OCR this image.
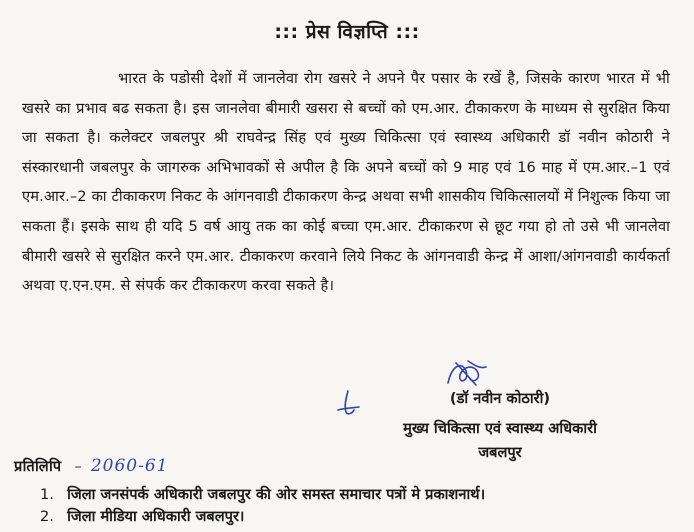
::: प्रेस विज्ञप्ति :::

भारत के पडोसी देशों में जानलेवा रोग खसरे ने अपने पैर पसार के रखें है, जिसके कारण भारत में भी खसरे का प्रभाव बढ सकता है। इस जानलेवा बीमारी खसरा से बच्चों को एम.आर. टीकाकरण के माध्यम से सुरक्षित किया जा सकता है। कलेक्टर जबलपुर श्री राघवेन्द्र सिंह एवं मुख्य चिकित्सा एवं स्वास्थ्य अधिकारी डॉ नवीन कोठारी ने संस्कारधानी जबलपुर के जागरुक अभिभावकों से अपील है कि अपने बच्चों को 9 माह एवं 16 माह में एम.आर.–1 एवं एम.आर.–2 का टीकाकरण निकट के आंगनवाडी टीकाकरण केन्द्र अथवा सभी शासकीय चिकित्सालयों में निशुल्क किया जा सकता हैं। इसके साथ ही यदि 5 वर्ष आयु तक का कोई बच्चा एम.आर. टीकाकरण से छूट गया हो तो उसे भी जानलेवा बीमारी खसरे से सुरक्षित करने एम.आर. टीकाकरण करवाने लिये निकट के आंगनवाडी केन्द्र में आशा/आंगनवाडी कार्यकर्ता अथवा ए.एन.एम. से संपर्क कर टीकाकरण करवा सकते है।

(डॉ नवीन कोठारी)
मुख्य चिकित्सा एवं स्वास्थ्य अधिकारी
जबलपुर
प्रतिलिपि – 2060-61
1. जिला जनसंपर्क अधिकारी जबलपुर की ओर समस्त समाचार पत्रों मे प्रकाशनार्थ।
2. जिला मीडिया अधिकारी जबलपुर।
